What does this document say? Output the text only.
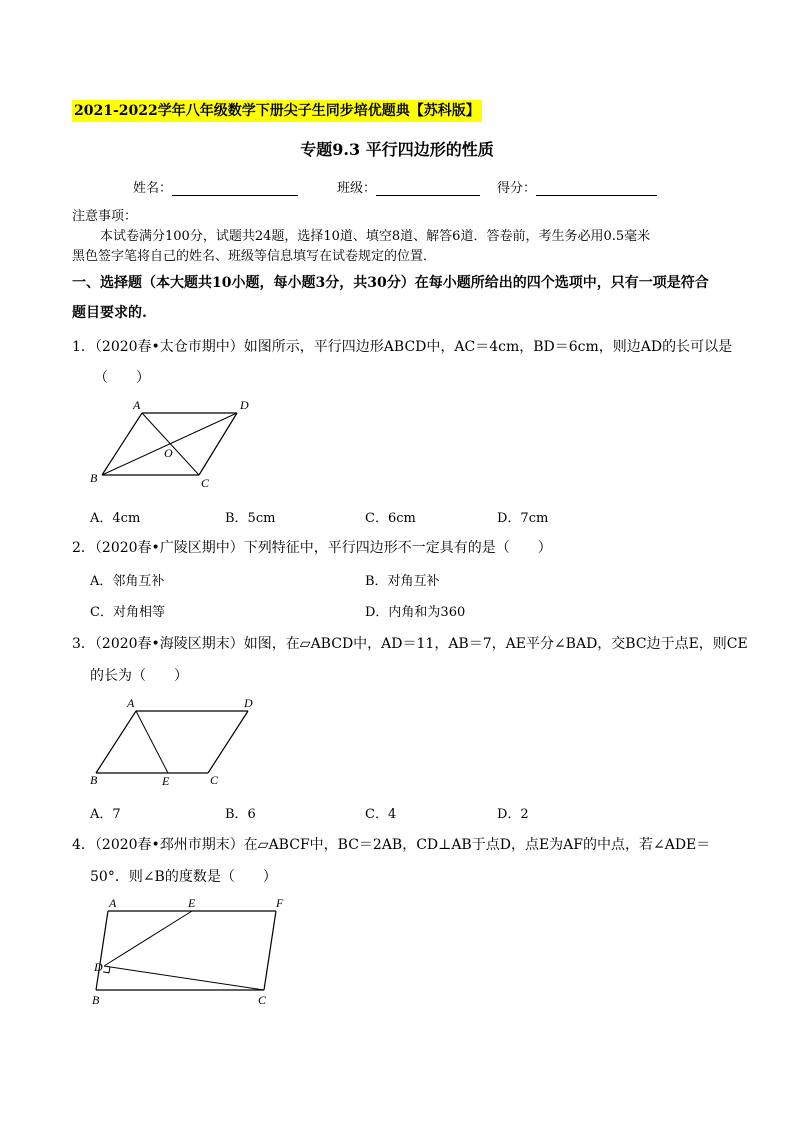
2021-2022学年八年级数学下册尖子生同步培优题典【苏科版】
专题9.3 平行四边形的性质
姓名：	班级：	得分：
注意事项：
本试卷满分100分，试题共24题，选择10道、填空8道、解答6道．答卷前，考生务必用0.5毫米
黑色签字笔将自己的姓名、班级等信息填写在试卷规定的位置．
一、选择题（本大题共10小题，每小题3分，共30分）在每小题所给出的四个选项中，只有一项是符合
题目要求的.
1．（2020春•太仓市期中）如图所示，平行四边形ABCD中，AC＝4cm，BD＝6cm，则边AD的长可以是
（　　）
A	D
O
B	C
A．4cm	B．5cm	C．6cm	D．7cm
2．（2020春•广陵区期中）下列特征中，平行四边形不一定具有的是（　　）
A．邻角互补	B．对角互补
C．对角相等	D．内角和为360
3．（2020春•海陵区期末）如图，在▱ABCD中，AD＝11，AB＝7，AE平分∠BAD，交BC边于点E，则CE
的长为（　　）
A	D
B	E	C
A．7	B．6	C．4	D．2
4．（2020春•邳州市期末）在▱ABCF中，BC＝2AB，CD⊥AB于点D，点E为AF的中点，若∠ADE＝
50°．则∠B的度数是（　　）
A	E	F
D
B	C
